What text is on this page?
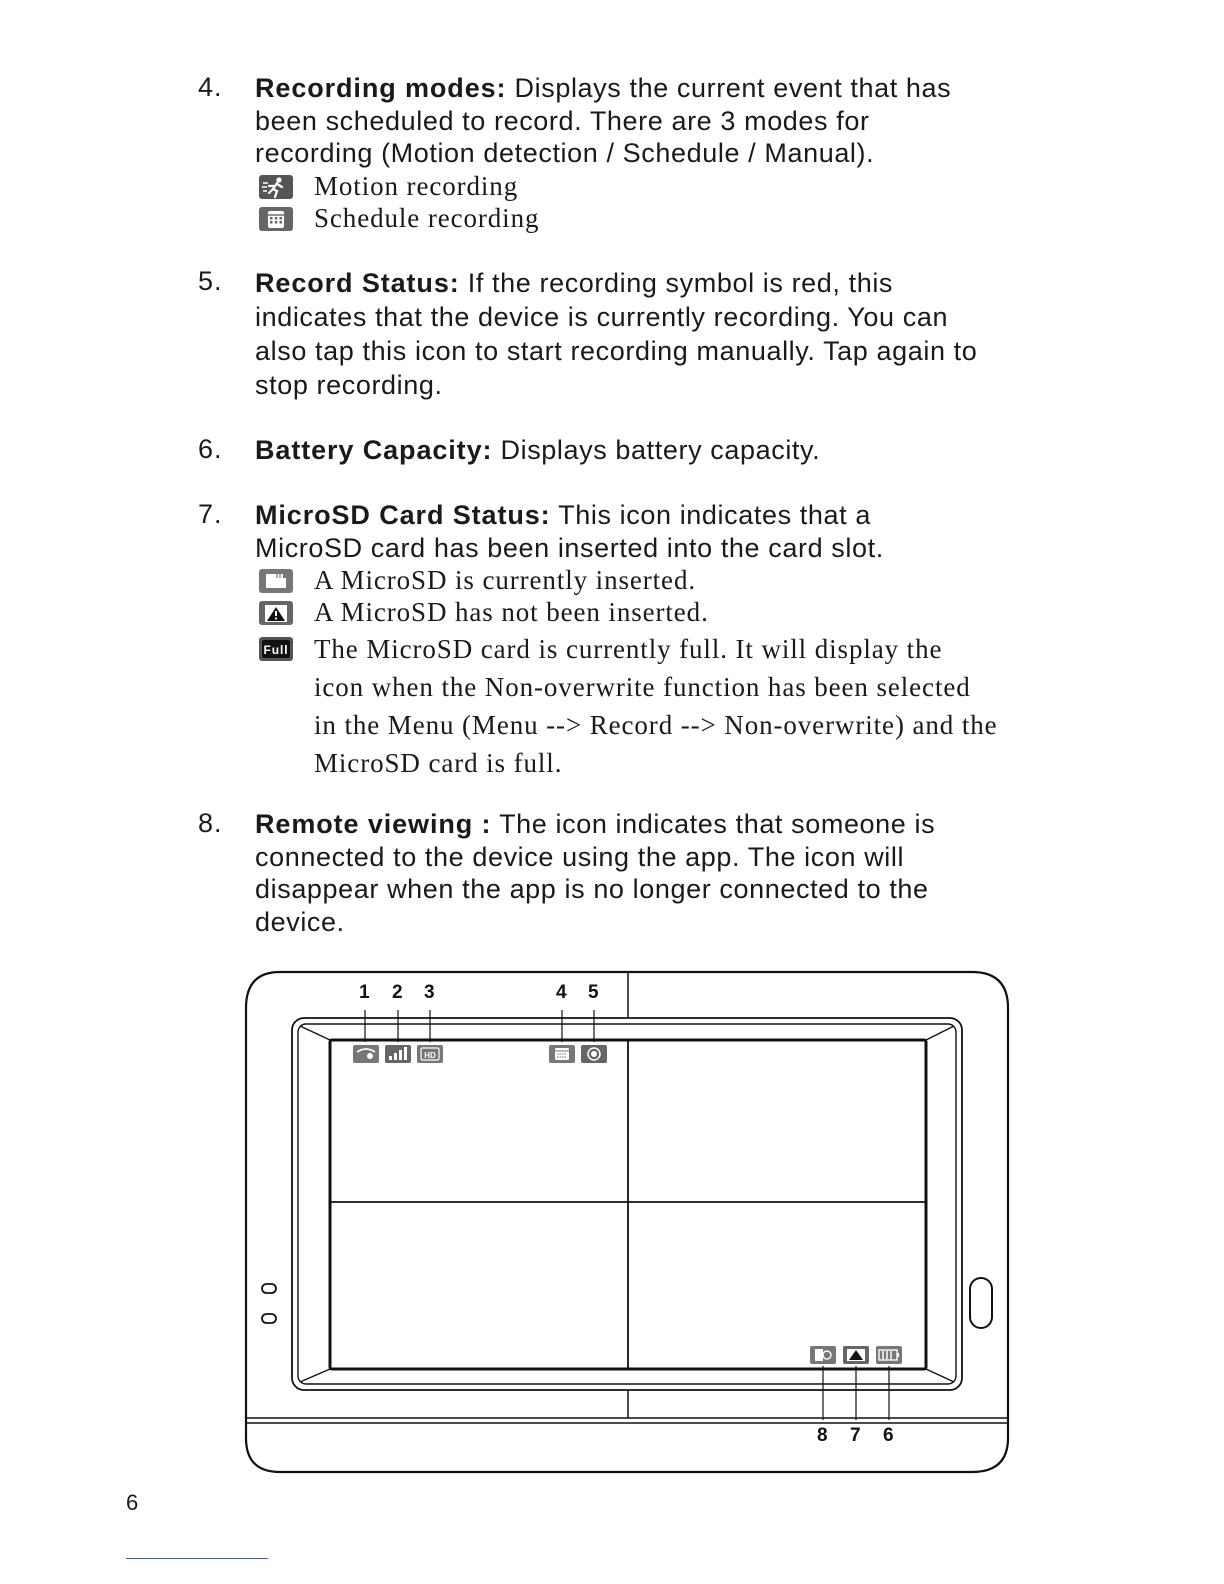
4. Recording modes: Displays the current event that has
been scheduled to record. There are 3 modes for
recording (Motion detection / Schedule / Manual).
Motion recording
Schedule recording
5. Record Status: If the recording symbol is red, this
indicates that the device is currently recording. You can
also tap this icon to start recording manually. Tap again to
stop recording.
6. Battery Capacity: Displays battery capacity.
7. MicroSD Card Status: This icon indicates that a
MicroSD card has been inserted into the card slot.
A MicroSD is currently inserted.
A MicroSD has not been inserted.
Full The MicroSD card is currently full. It will display the
icon when the Non-overwrite function has been selected
in the Menu (Menu --> Record --> Non-overwrite) and the
MicroSD card is full.
8. Remote viewing : The icon indicates that someone is
connected to the device using the app. The icon will
disappear when the app is no longer connected to the
device.
HD
1 2 3	4 5
8 7 6
6
